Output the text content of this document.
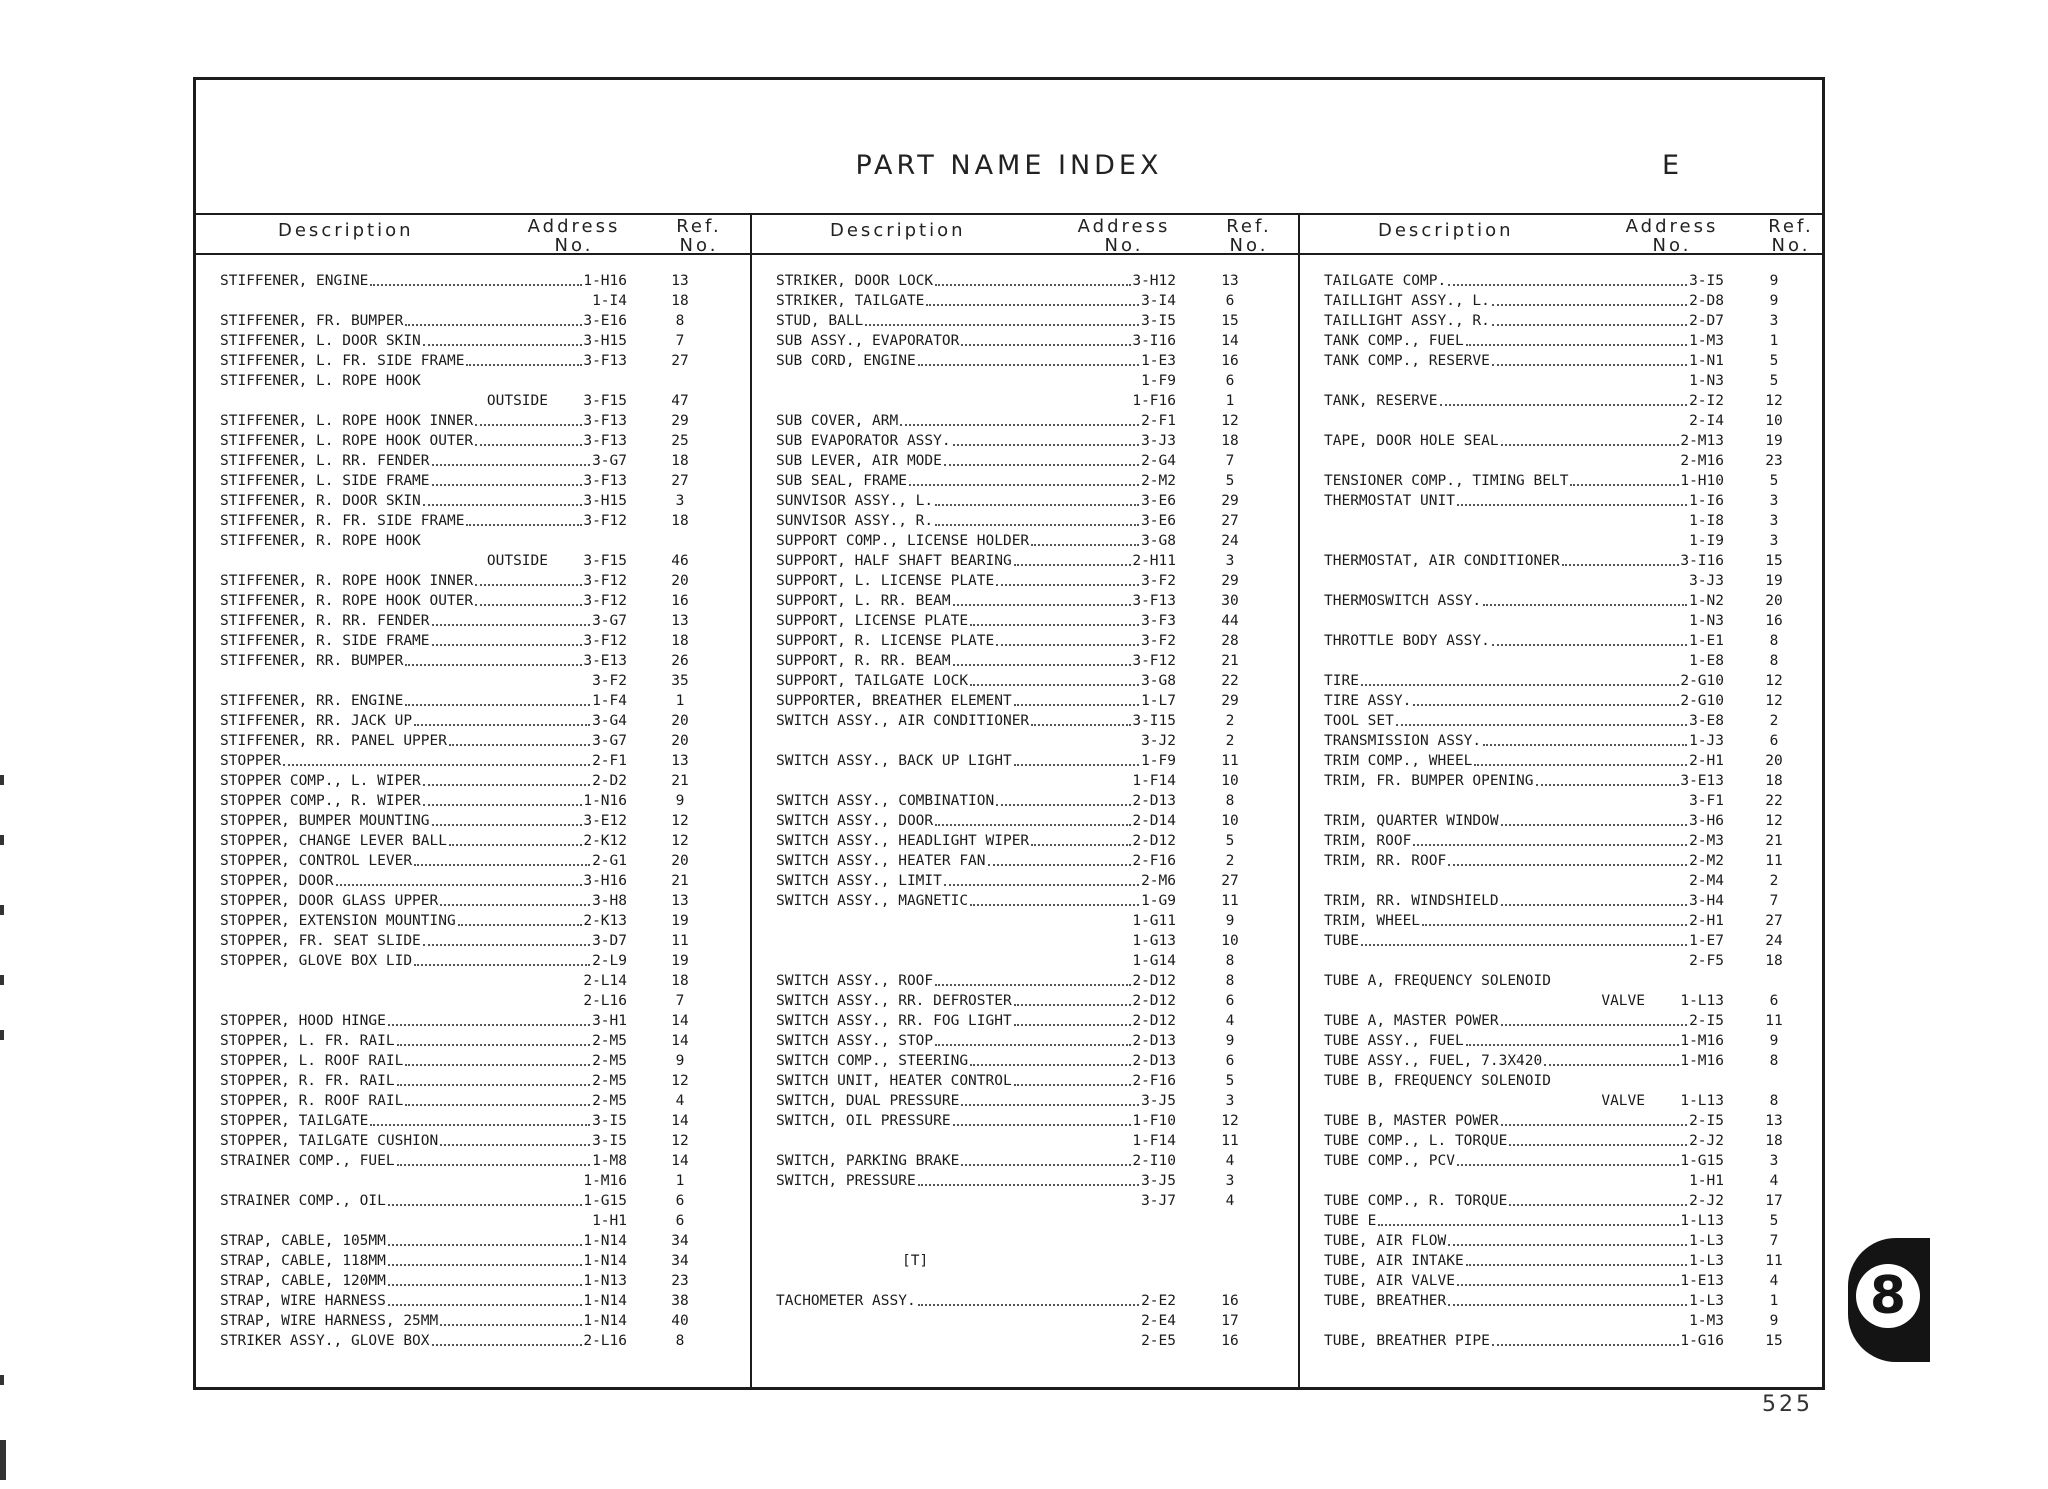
PART NAME INDEX	E
Description	Address
No.
Ref.
No.
STIFFENER, ENGINE	1-H16	13
1-I4	18
STIFFENER, FR. BUMPER	3-E16	8
STIFFENER, L. DOOR SKIN	3-H15	7
STIFFENER, L. FR. SIDE FRAME	3-F13	27
STIFFENER, L. ROPE HOOK
OUTSIDE	3-F15	47
STIFFENER, L. ROPE HOOK INNER	3-F13	29
STIFFENER, L. ROPE HOOK OUTER	3-F13	25
STIFFENER, L. RR. FENDER	3-G7	18
STIFFENER, L. SIDE FRAME	3-F13	27
STIFFENER, R. DOOR SKIN	3-H15	3
STIFFENER, R. FR. SIDE FRAME	3-F12	18
STIFFENER, R. ROPE HOOK
OUTSIDE	3-F15	46
STIFFENER, R. ROPE HOOK INNER	3-F12	20
STIFFENER, R. ROPE HOOK OUTER	3-F12	16
STIFFENER, R. RR. FENDER	3-G7	13
STIFFENER, R. SIDE FRAME	3-F12	18
STIFFENER, RR. BUMPER	3-E13	26
3-F2	35
STIFFENER, RR. ENGINE	1-F4	1
STIFFENER, RR. JACK UP	3-G4	20
STIFFENER, RR. PANEL UPPER	3-G7	20
STOPPER	2-F1	13
STOPPER COMP., L. WIPER	2-D2	21
STOPPER COMP., R. WIPER	1-N16	9
STOPPER, BUMPER MOUNTING	3-E12	12
STOPPER, CHANGE LEVER BALL	2-K12	12
STOPPER, CONTROL LEVER	2-G1	20
STOPPER, DOOR	3-H16	21
STOPPER, DOOR GLASS UPPER	3-H8	13
STOPPER, EXTENSION MOUNTING	2-K13	19
STOPPER, FR. SEAT SLIDE	3-D7	11
STOPPER, GLOVE BOX LID	2-L9	19
2-L14	18
2-L16	7
STOPPER, HOOD HINGE	3-H1	14
STOPPER, L. FR. RAIL	2-M5	14
STOPPER, L. ROOF RAIL	2-M5	9
STOPPER, R. FR. RAIL	2-M5	12
STOPPER, R. ROOF RAIL	2-M5	4
STOPPER, TAILGATE	3-I5	14
STOPPER, TAILGATE CUSHION	3-I5	12
STRAINER COMP., FUEL	1-M8	14
1-M16	1
STRAINER COMP., OIL	1-G15	6
1-H1	6
STRAP, CABLE, 105MM	1-N14	34
STRAP, CABLE, 118MM	1-N14	34
STRAP, CABLE, 120MM	1-N13	23
STRAP, WIRE HARNESS	1-N14	38
STRAP, WIRE HARNESS, 25MM	1-N14	40
STRIKER ASSY., GLOVE BOX	2-L16	8
Description	Address
No.
Ref.
No.
STRIKER, DOOR LOCK	3-H12	13
STRIKER, TAILGATE	3-I4	6
STUD, BALL	3-I5	15
SUB ASSY., EVAPORATOR	3-I16	14
SUB CORD, ENGINE	1-E3	16
1-F9	6
1-F16	1
SUB COVER, ARM	2-F1	12
SUB EVAPORATOR ASSY.	3-J3	18
SUB LEVER, AIR MODE	2-G4	7
SUB SEAL, FRAME	2-M2	5
SUNVISOR ASSY., L.	3-E6	29
SUNVISOR ASSY., R.	3-E6	27
SUPPORT COMP., LICENSE HOLDER	3-G8	24
SUPPORT, HALF SHAFT BEARING	2-H11	3
SUPPORT, L. LICENSE PLATE	3-F2	29
SUPPORT, L. RR. BEAM	3-F13	30
SUPPORT, LICENSE PLATE	3-F3	44
SUPPORT, R. LICENSE PLATE	3-F2	28
SUPPORT, R. RR. BEAM	3-F12	21
SUPPORT, TAILGATE LOCK	3-G8	22
SUPPORTER, BREATHER ELEMENT	1-L7	29
SWITCH ASSY., AIR CONDITIONER	3-I15	2
3-J2	2
SWITCH ASSY., BACK UP LIGHT	1-F9	11
1-F14	10
SWITCH ASSY., COMBINATION	2-D13	8
SWITCH ASSY., DOOR	2-D14	10
SWITCH ASSY., HEADLIGHT WIPER	2-D12	5
SWITCH ASSY., HEATER FAN	2-F16	2
SWITCH ASSY., LIMIT	2-M6	27
SWITCH ASSY., MAGNETIC	1-G9	11
1-G11	9
1-G13	10
1-G14	8
SWITCH ASSY., ROOF	2-D12	8
SWITCH ASSY., RR. DEFROSTER	2-D12	6
SWITCH ASSY., RR. FOG LIGHT	2-D12	4
SWITCH ASSY., STOP	2-D13	9
SWITCH COMP., STEERING	2-D13	6
SWITCH UNIT, HEATER CONTROL	2-F16	5
SWITCH, DUAL PRESSURE	3-J5	3
SWITCH, OIL PRESSURE	1-F10	12
1-F14	11
SWITCH, PARKING BRAKE	2-I10	4
SWITCH, PRESSURE	3-J5	3
3-J7	4
[T]
TACHOMETER ASSY.	2-E2	16
2-E4	17
2-E5	16
Description	Address
No.
Ref.
No.
TAILGATE COMP.	3-I5	9
TAILLIGHT ASSY., L.	2-D8	9
TAILLIGHT ASSY., R.	2-D7	3
TANK COMP., FUEL	1-M3	1
TANK COMP., RESERVE	1-N1	5
1-N3	5
TANK, RESERVE	2-I2	12
2-I4	10
TAPE, DOOR HOLE SEAL	2-M13	19
2-M16	23
TENSIONER COMP., TIMING BELT	1-H10	5
THERMOSTAT UNIT	1-I6	3
1-I8	3
1-I9	3
THERMOSTAT, AIR CONDITIONER	3-I16	15
3-J3	19
THERMOSWITCH ASSY.	1-N2	20
1-N3	16
THROTTLE BODY ASSY.	1-E1	8
1-E8	8
TIRE	2-G10	12
TIRE ASSY.	2-G10	12
TOOL SET	3-E8	2
TRANSMISSION ASSY.	1-J3	6
TRIM COMP., WHEEL	2-H1	20
TRIM, FR. BUMPER OPENING	3-E13	18
3-F1	22
TRIM, QUARTER WINDOW	3-H6	12
TRIM, ROOF	2-M3	21
TRIM, RR. ROOF	2-M2	11
2-M4	2
TRIM, RR. WINDSHIELD	3-H4	7
TRIM, WHEEL	2-H1	27
TUBE	1-E7	24
2-F5	18
TUBE A, FREQUENCY SOLENOID
VALVE	1-L13	6
TUBE A, MASTER POWER	2-I5	11
TUBE ASSY., FUEL	1-M16	9
TUBE ASSY., FUEL, 7.3X420	1-M16	8
TUBE B, FREQUENCY SOLENOID
VALVE	1-L13	8
TUBE B, MASTER POWER	2-I5	13
TUBE COMP., L. TORQUE	2-J2	18
TUBE COMP., PCV	1-G15	3
1-H1	4
TUBE COMP., R. TORQUE	2-J2	17
TUBE E	1-L13	5
TUBE, AIR FLOW	1-L3	7
TUBE, AIR INTAKE	1-L3	11
TUBE, AIR VALVE	1-E13	4
TUBE, BREATHER	1-L3	1
1-M3	9
TUBE, BREATHER PIPE	1-G16	15
8
525
